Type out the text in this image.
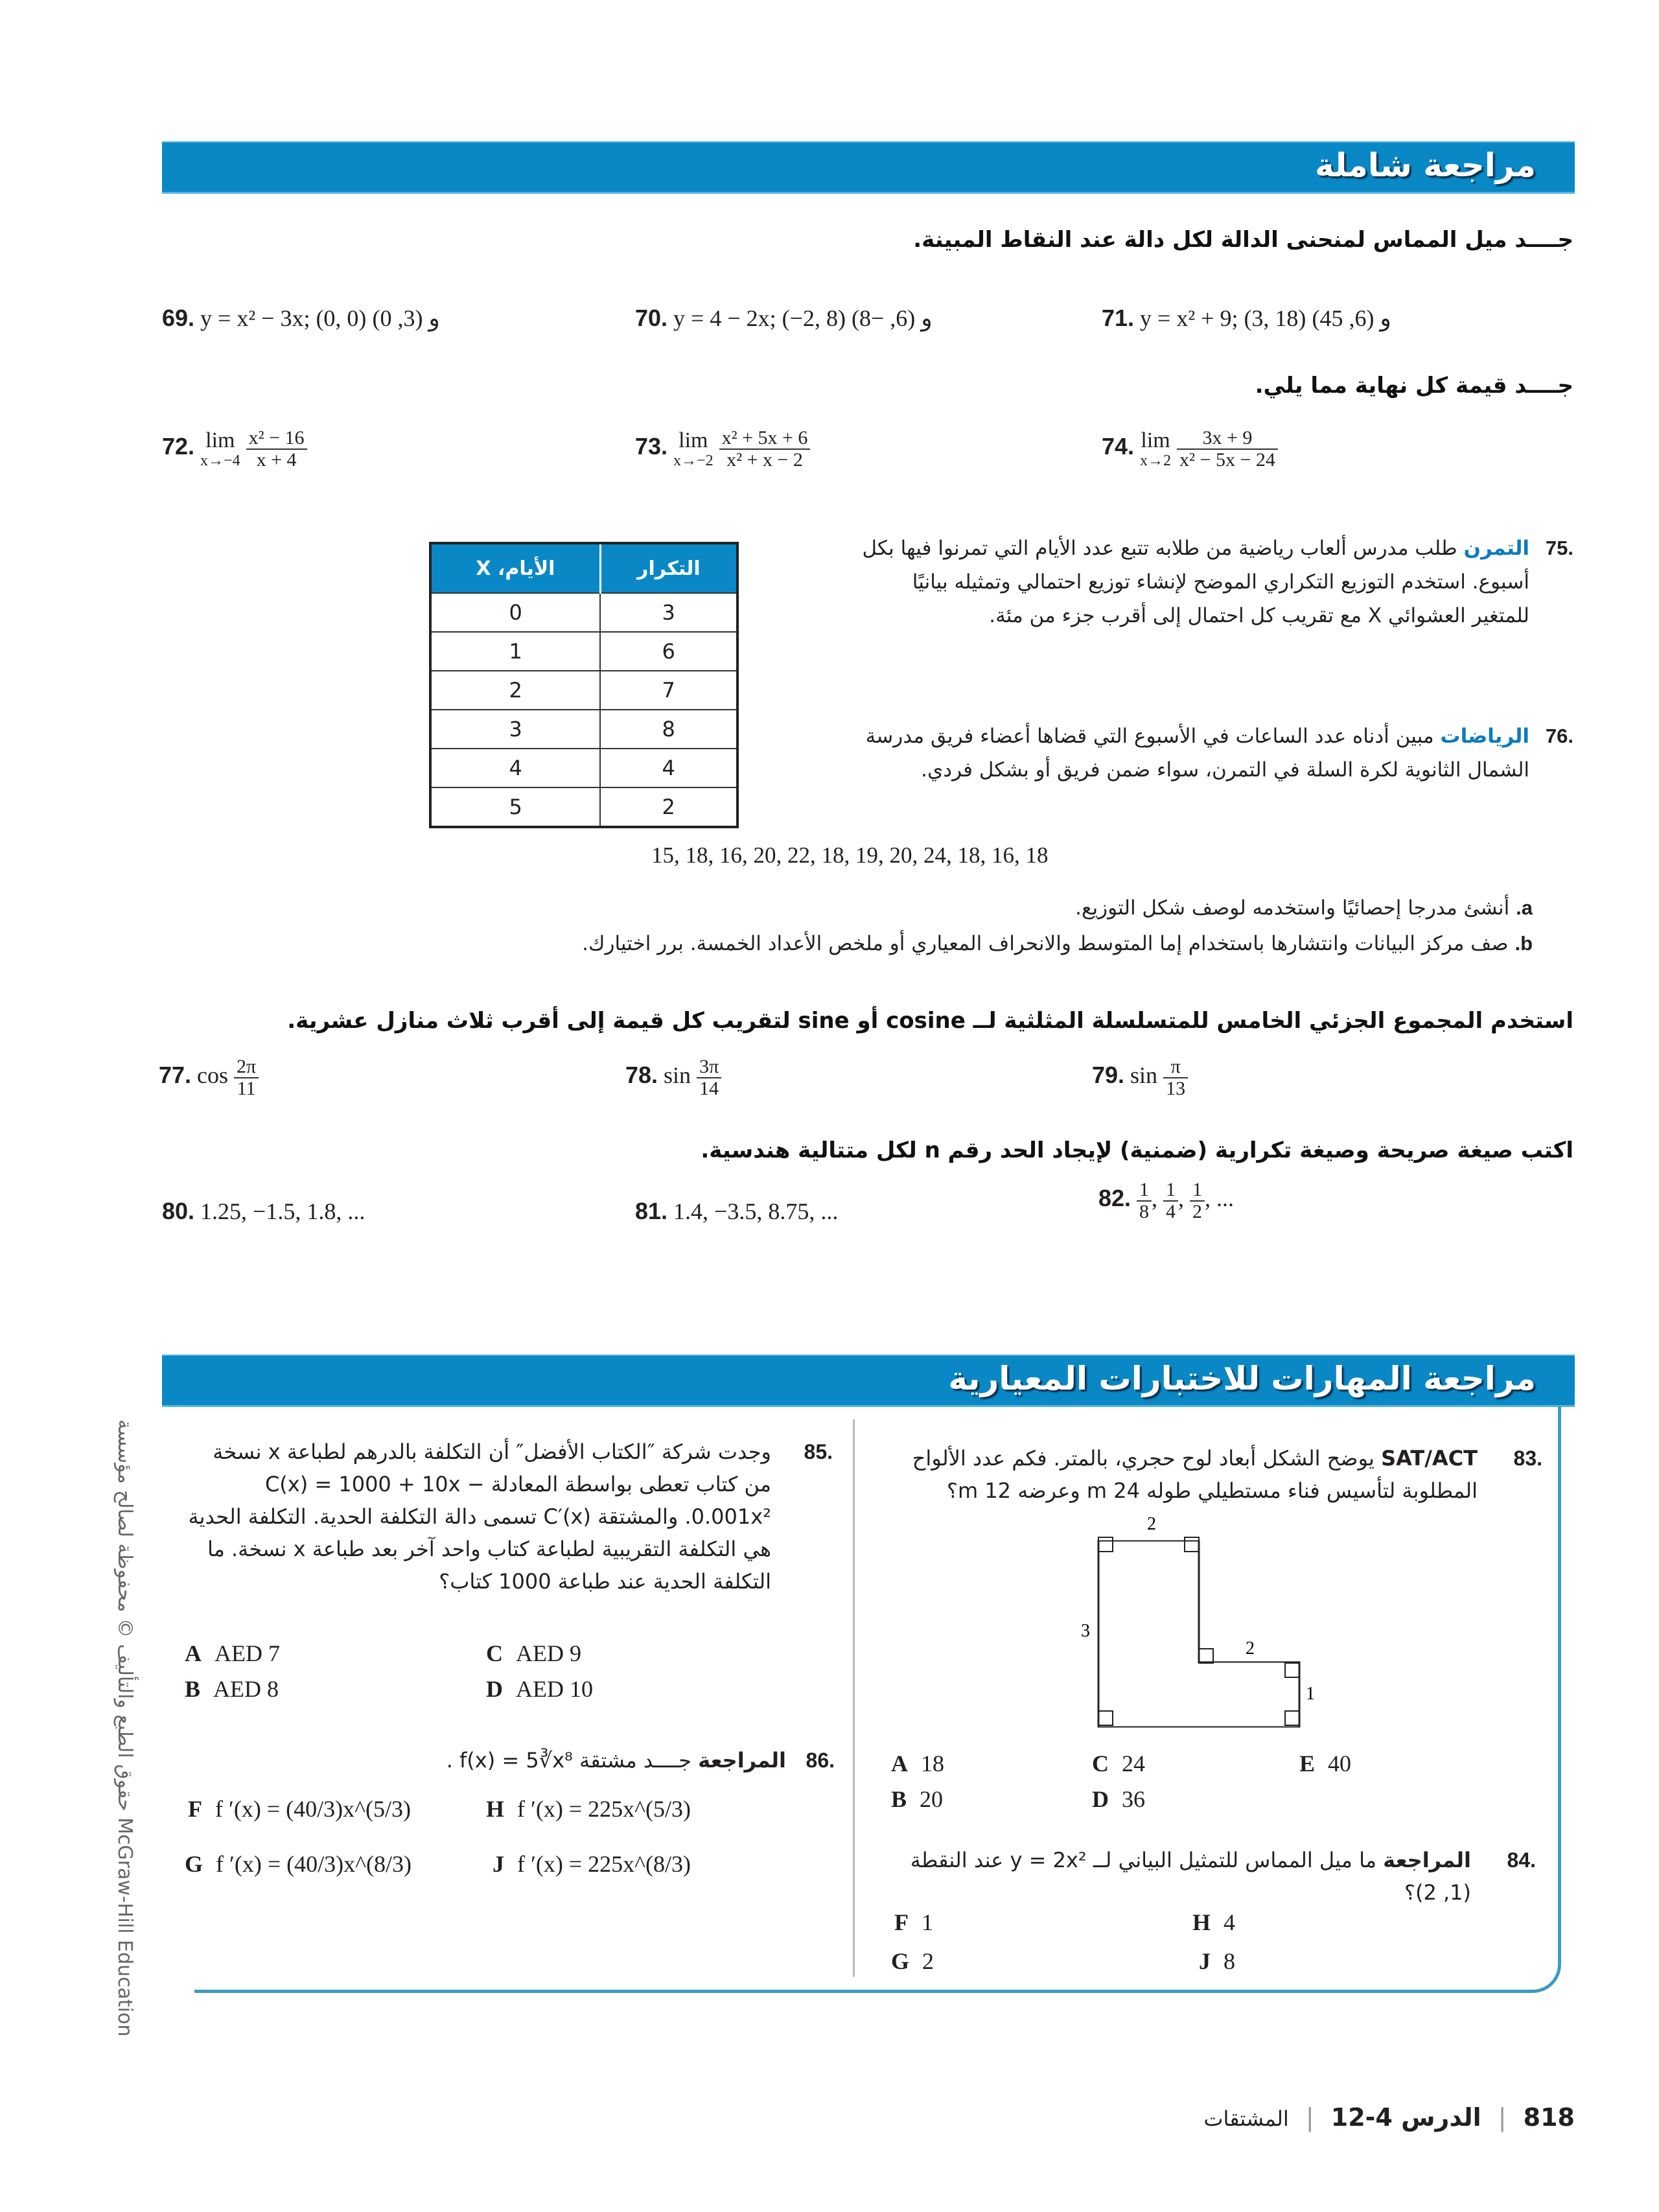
مراجعة شاملة
جــــد ميل المماس لمنحنى الدالة لكل دالة عند النقاط المبينة.
69. y = x² − 3x; (0, 0) و (3, 0)	70. y = 4 − 2x; (−2, 8) و (6, −8)	71. y = x² + 9; (3, 18) و (6, 45)
جــــد قيمة كل نهاية مما يلي.
72. lim
x→−4
$\frac{\text{x² − 16}}{x + 4}$	73. lim
x→−2
$\frac{\text{x² + 5x + 6}}{\text{x² + x − 2}}$	74. lim
x→2
$\frac{3x + 9}{\text{x² − 5x − 24}}$
الأيام، X	التكرار
0	3
1	6
2	7
3	8
4	4
5	2
.75
التمرن طلب مدرس ألعاب رياضية من طلابه تتبع عدد الأيام التي تمرنوا فيها بكل أسبوع. استخدم التوزيع التكراري الموضح لإنشاء توزيع احتمالي وتمثيله بيانيًا للمتغير العشوائي X مع تقريب كل احتمال إلى أقرب جزء من مئة.
.76
الرياضات مبين أدناه عدد الساعات في الأسبوع التي قضاها أعضاء فريق مدرسة الشمال الثانوية لكرة السلة في التمرن، سواء ضمن فريق أو بشكل فردي.
15, 18, 16, 20, 22, 18, 19, 20, 24, 18, 16, 18
a. أنشئ مدرجا إحصائيًا واستخدمه لوصف شكل التوزيع.
b. صف مركز البيانات وانتشارها باستخدام إما المتوسط والانحراف المعياري أو ملخص الأعداد الخمسة. برر اختيارك.
استخدم المجموع الجزئي الخامس للمتسلسلة المثلثية لــ cosine أو sine لتقريب كل قيمة إلى أقرب ثلاث منازل عشرية.
77. $\cos \frac{2\pi}{11}$	78. $\sin \frac{3\pi}{14}$	79. $\sin \frac{\pi}{13}$
اكتب صيغة صريحة وصيغة تكرارية (ضمنية) لإيجاد الحد رقم n لكل متتالية هندسية.
80. 1.25, −1.5, 1.8, ...	81. 1.4, −3.5, 8.75, ...
82. $\frac{1}{8}$ , $\frac{1}{4}$ , $\frac{1}{2}$ , ...
مراجعة المهارات للاختبارات المعيارية
.85
وجدت شركة ″الكتاب الأفضل″ أن التكلفة بالدرهم لطباعة x نسخة من كتاب تعطى بواسطة المعادلة C(x) = 1000 + 10x − 0.001x². والمشتقة C′(x) تسمى دالة التكلفة الحدية. التكلفة الحدية هي التكلفة التقريبية لطباعة كتاب واحد آخر بعد طباعة x نسخة. ما التكلفة الحدية عند طباعة 1000 كتاب؟
A AED 7
B AED 8
C AED 9
D AED 10
.86   المراجعة جــــد مشتقة f(x) = 5∛x⁸ .
F f ′(x) = (40/3)x^(5/3)
G f ′(x) = (40/3)x^(8/3)
H f ′(x) = 225x^(5/3)
J f ′(x) = 225x^(8/3)
.83
SAT/ACT يوضح الشكل أبعاد لوح حجري، بالمتر. فكم عدد الألواح المطلوبة لتأسيس فناء مستطيلي طوله 24 m وعرضه 12 m؟
2
3
2
1
A 18
B 20
C 24
D 36
E 40
.84
المراجعة ما ميل المماس للتمثيل البياني لــ y = 2x² عند النقطة (1, 2)؟
F 1
G 2
H 4
J 8
حقوق الطبع والتأليف © محفوظة لصالح مؤسسة McGraw-Hill Education
818 | الدرس 4-12 | المشتقات
